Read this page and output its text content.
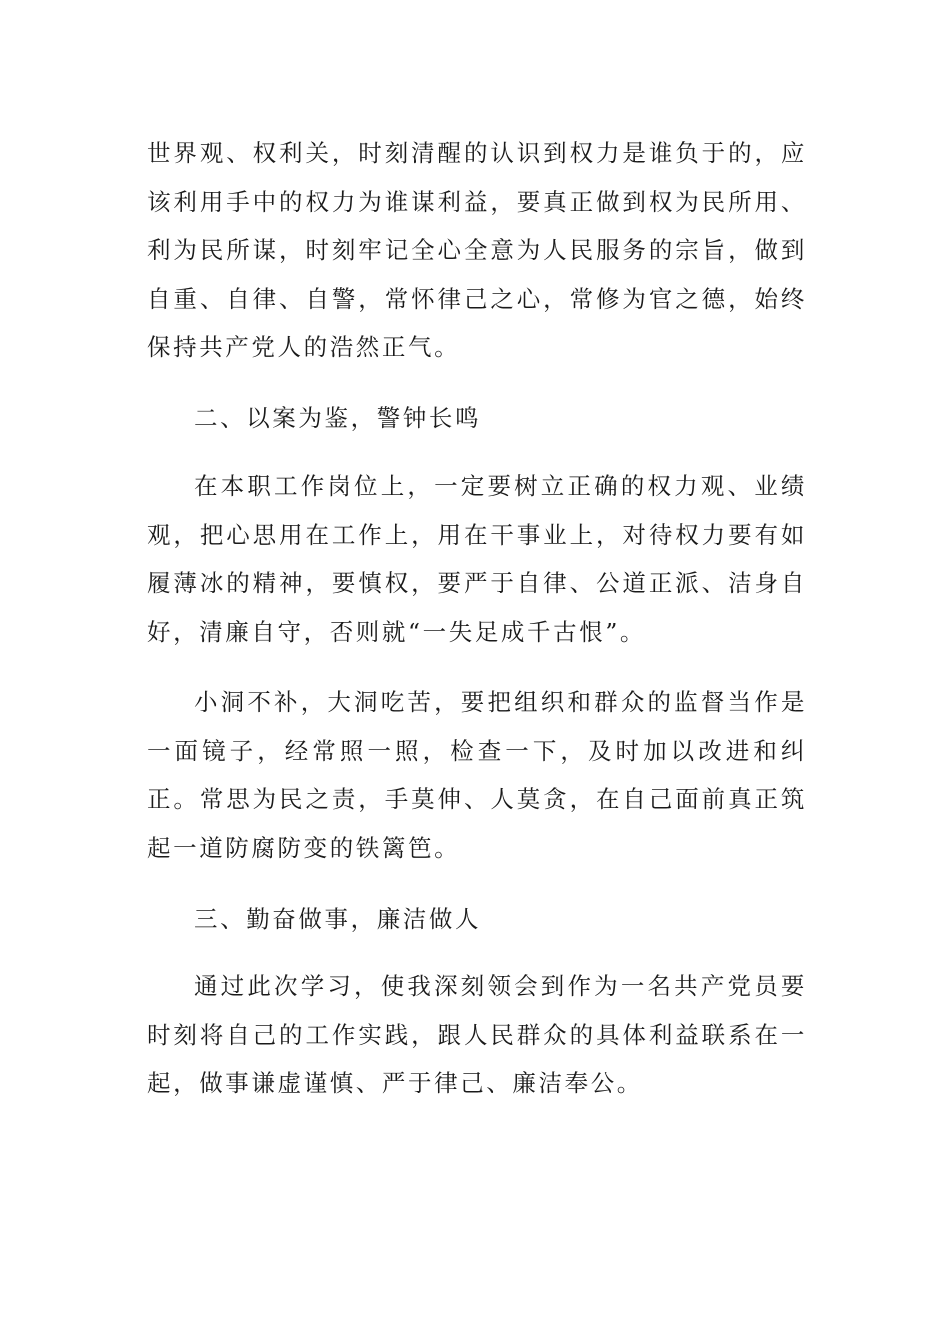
世界观、权利关，时刻清醒的认识到权力是谁负于的，应该利用手中的权力为谁谋利益，要真正做到权为民所用、利为民所谋，时刻牢记全心全意为人民服务的宗旨，做到自重、自律、自警，常怀律己之心，常修为官之德，始终保持共产党人的浩然正气。

二、以案为鉴，警钟长鸣

在本职工作岗位上，一定要树立正确的权力观、业绩观，把心思用在工作上，用在干事业上，对待权力要有如履薄冰的精神，要慎权，要严于自律、公道正派、洁身自好，清廉自守，否则就“一失足成千古恨”。

小洞不补，大洞吃苦，要把组织和群众的监督当作是一面镜子，经常照一照，检查一下，及时加以改进和纠正。常思为民之责，手莫伸、人莫贪，在自己面前真正筑起一道防腐防变的铁篱笆。

三、勤奋做事，廉洁做人

通过此次学习，使我深刻领会到作为一名共产党员要时刻将自己的工作实践，跟人民群众的具体利益联系在一起，做事谦虚谨慎、严于律己、廉洁奉公。
